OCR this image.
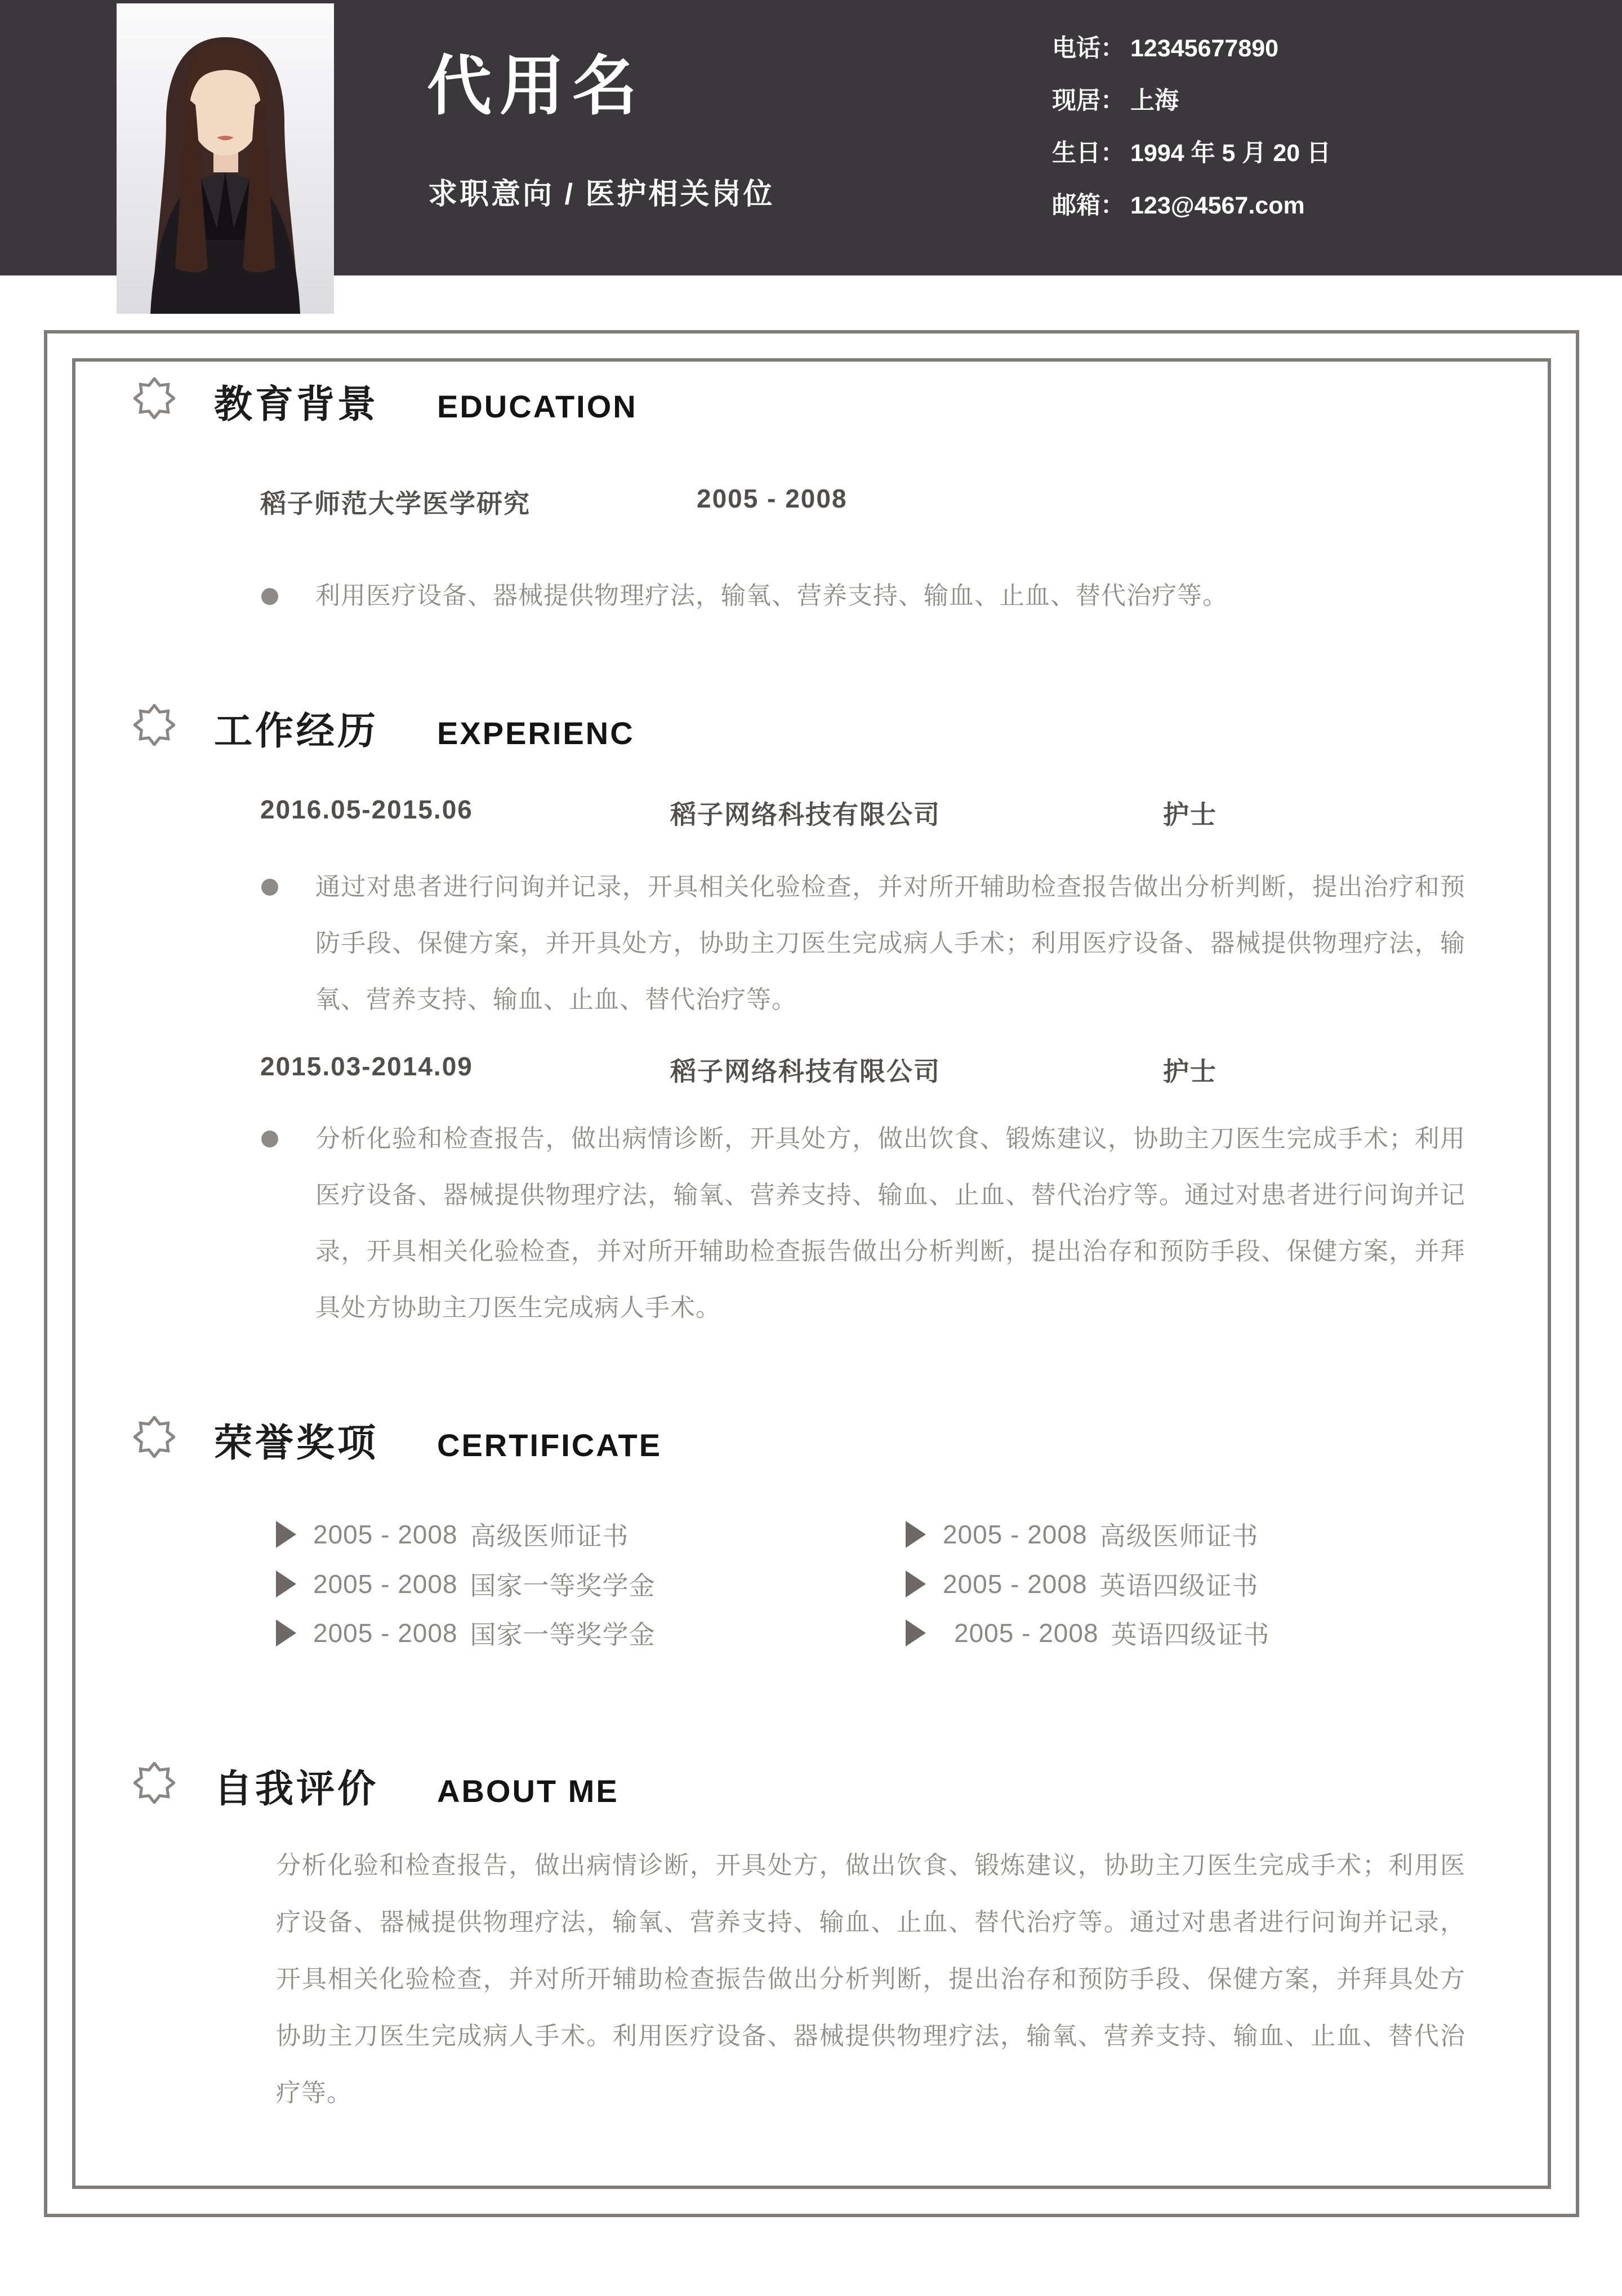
代用名
求职意向 / 医护相关岗位
电话： 12345677890
现居： 上海
生日： 1994 年 5 月 20 日
邮箱： 123@4567.com
教育背景 EDUCATION
稻子师范大学医学研究	2005 - 2008
利用医疗设备、器械提供物理疗法，输氧、营养支持、输血、止血、替代治疗等。
工作经历 EXPERIENC
2016.05-2015.06	稻子网络科技有限公司	护士
通过对患者进行问询并记录，开具相关化验检查，并对所开辅助检查报告做出分析判断，提出治疗和预防手段、保健方案，并开具处方，协助主刀医生完成病人手术；利用医疗设备、器械提供物理疗法，输氧、营养支持、输血、止血、替代治疗等。
2015.03-2014.09	稻子网络科技有限公司	护士
分析化验和检查报告，做出病情诊断，开具处方，做出饮食、锻炼建议，协助主刀医生完成手术；利用医疗设备、器械提供物理疗法，输氧、营养支持、输血、止血、替代治疗等。通过对患者进行问询并记录，开具相关化验检查，并对所开辅助检查振告做出分析判断，提出治存和预防手段、保健方案，并拜具处方协助主刀医生完成病人手术。
荣誉奖项 CERTIFICATE
2005 - 2008 高级医师证书
2005 - 2008 国家一等奖学金
2005 - 2008 国家一等奖学金
2005 - 2008 高级医师证书
2005 - 2008 英语四级证书
2005 - 2008 英语四级证书
自我评价 ABOUT ME
分析化验和检查报告，做出病情诊断，开具处方，做出饮食、锻炼建议，协助主刀医生完成手术；利用医疗设备、器械提供物理疗法，输氧、营养支持、输血、止血、替代治疗等。通过对患者进行问询并记录，开具相关化验检查，并对所开辅助检查振告做出分析判断，提出治存和预防手段、保健方案，并拜具处方协助主刀医生完成病人手术。利用医疗设备、器械提供物理疗法，输氧、营养支持、输血、止血、替代治疗等。
